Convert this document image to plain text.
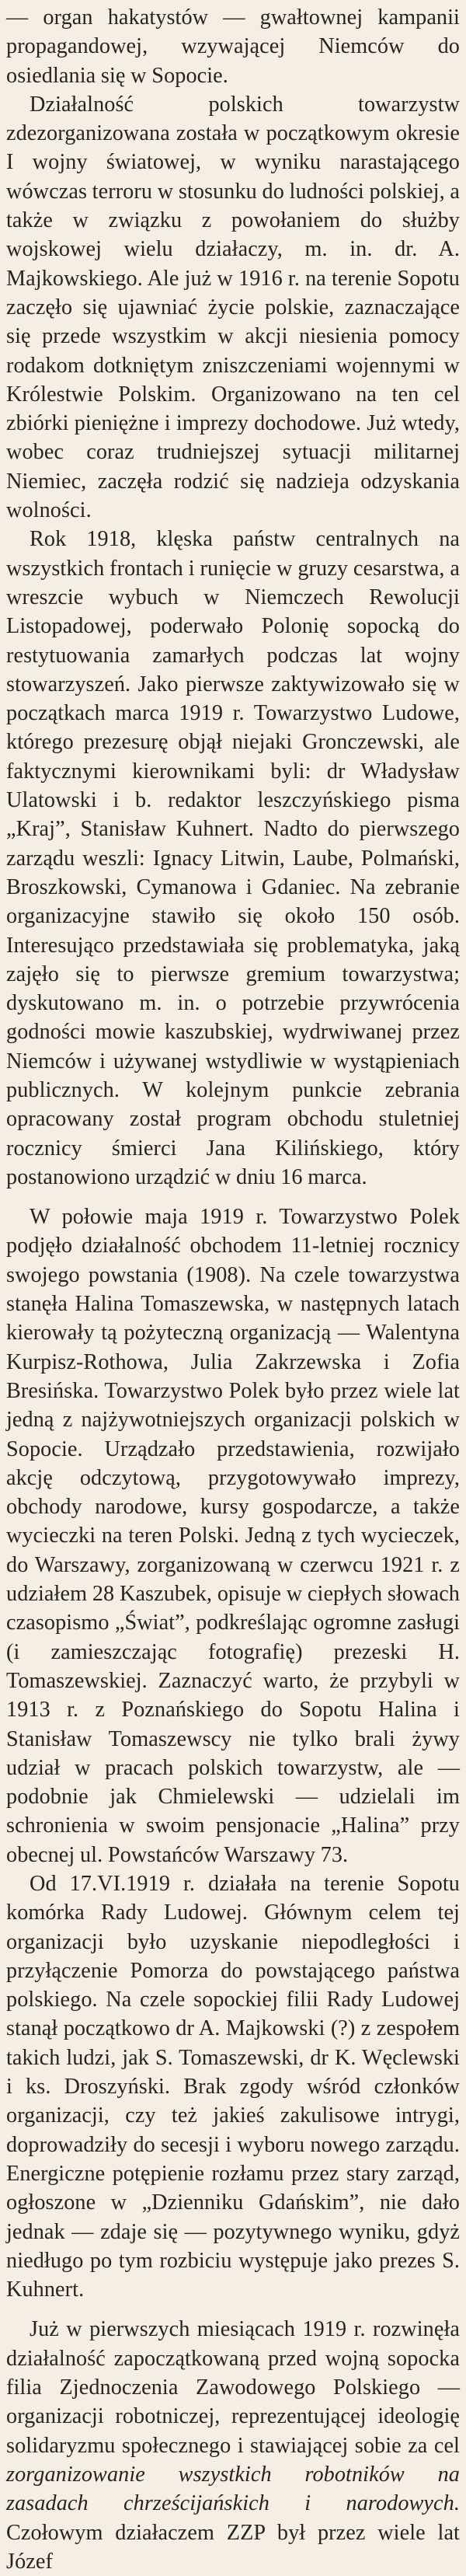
— organ hakatystów — gwałtownej kampanii propagandowej, wzywającej Niemców do osiedlania się w Sopocie.

Działalność polskich towarzystw zdezorganizowana została w początkowym okresie I wojny światowej, w wyniku narastającego wówczas terroru w stosunku do ludności polskiej, a także w związku z powołaniem do służby wojskowej wielu działaczy, m. in. dr. A. Majkowskiego. Ale już w 1916 r. na terenie Sopotu zaczęło się ujawniać życie polskie, zaznaczające się przede wszystkim w akcji niesienia pomocy rodakom dotkniętym zniszczeniami wojennymi w Królestwie Polskim. Organizowano na ten cel zbiórki pieniężne i imprezy dochodowe. Już wtedy, wobec coraz trudniejszej sytuacji militarnej Niemiec, zaczęła rodzić się nadzieja odzyskania wolności.

Rok 1918, klęska państw centralnych na wszystkich frontach i runięcie w gruzy cesarstwa, a wreszcie wybuch w Niemczech Rewolucji Listopadowej, poderwało Polonię sopocką do restytuowania zamarłych podczas lat wojny stowarzyszeń. Jako pierwsze zaktywizowało się w początkach marca 1919 r. Towarzystwo Ludowe, którego prezesurę objął niejaki Gronczewski, ale faktycznymi kierownikami byli: dr Władysław Ulatowski i b. redaktor leszczyńskiego pisma „Kraj”, Stanisław Kuhnert. Nadto do pierwszego zarządu weszli: Ignacy Litwin, Laube, Polmański, Broszkowski, Cymanowa i Gdaniec. Na zebranie organizacyjne stawiło się około 150 osób. Interesująco przedstawiała się problematyka, jaką zajęło się to pierwsze gremium towarzystwa; dyskutowano m. in. o potrzebie przywrócenia godności mowie kaszubskiej, wydrwiwanej przez Niemców i używanej wstydliwie w wystąpieniach publicznych. W kolejnym punkcie zebrania opracowany został program obchodu stuletniej rocznicy śmierci Jana Kilińskiego, który postanowiono urządzić w dniu 16 marca.

W połowie maja 1919 r. Towarzystwo Polek podjęło działalność obchodem 11-letniej rocznicy swojego powstania (1908). Na czele towarzystwa stanęła Halina Tomaszewska, w następnych latach kierowały tą pożyteczną organizacją — Walentyna Kurpisz-Rothowa, Julia Zakrzewska i Zofia Bresińska. Towarzystwo Polek było przez wiele lat jedną z najżywotniejszych organizacji polskich w Sopocie. Urządzało przedstawienia, rozwijało akcję odczytową, przygotowywało imprezy, obchody narodowe, kursy gospodarcze, a także wycieczki na teren Polski. Jedną z tych wycieczek, do Warszawy, zorganizowaną w czerwcu 1921 r. z udziałem 28 Kaszubek, opisuje w ciepłych słowach czasopismo „Świat”, podkreślając ogromne zasługi (i zamieszczając fotografię) prezeski H. Tomaszewskiej. Zaznaczyć warto, że przybyli w 1913 r. z Poznańskiego do Sopotu Halina i Stanisław Tomaszewscy nie tylko brali żywy udział w pracach polskich towarzystw, ale — podobnie jak Chmielewski — udzielali im schronienia w swoim pensjonacie „Halina” przy obecnej ul. Powstańców Warszawy 73.

Od 17.VI.1919 r. działała na terenie Sopotu komórka Rady Ludowej. Głównym celem tej organizacji było uzyskanie niepodległości i przyłączenie Pomorza do powstającego państwa polskiego. Na czele sopockiej filii Rady Ludowej stanął początkowo dr A. Majkowski (?) z zespołem takich ludzi, jak S. Tomaszewski, dr K. Węclewski i ks. Droszyński. Brak zgody wśród członków organizacji, czy też jakieś zakulisowe intrygi, doprowadziły do secesji i wyboru nowego zarządu. Energiczne potępienie rozłamu przez stary zarząd, ogłoszone w „Dzienniku Gdańskim”, nie dało jednak — zdaje się — pozytywnego wyniku, gdyż niedługo po tym rozbiciu występuje jako prezes S. Kuhnert.

Już w pierwszych miesiącach 1919 r. rozwinęła działalność zapoczątkowaną przed wojną sopocka filia Zjednoczenia Zawodowego Polskiego — organizacji robotniczej, reprezentującej ideologię solidaryzmu społecznego i stawiającej sobie za cel zorganizowanie wszystkich robotników na zasadach chrześcijańskich i narodowych. Czołowym działaczem ZZP był przez wiele lat Józef
